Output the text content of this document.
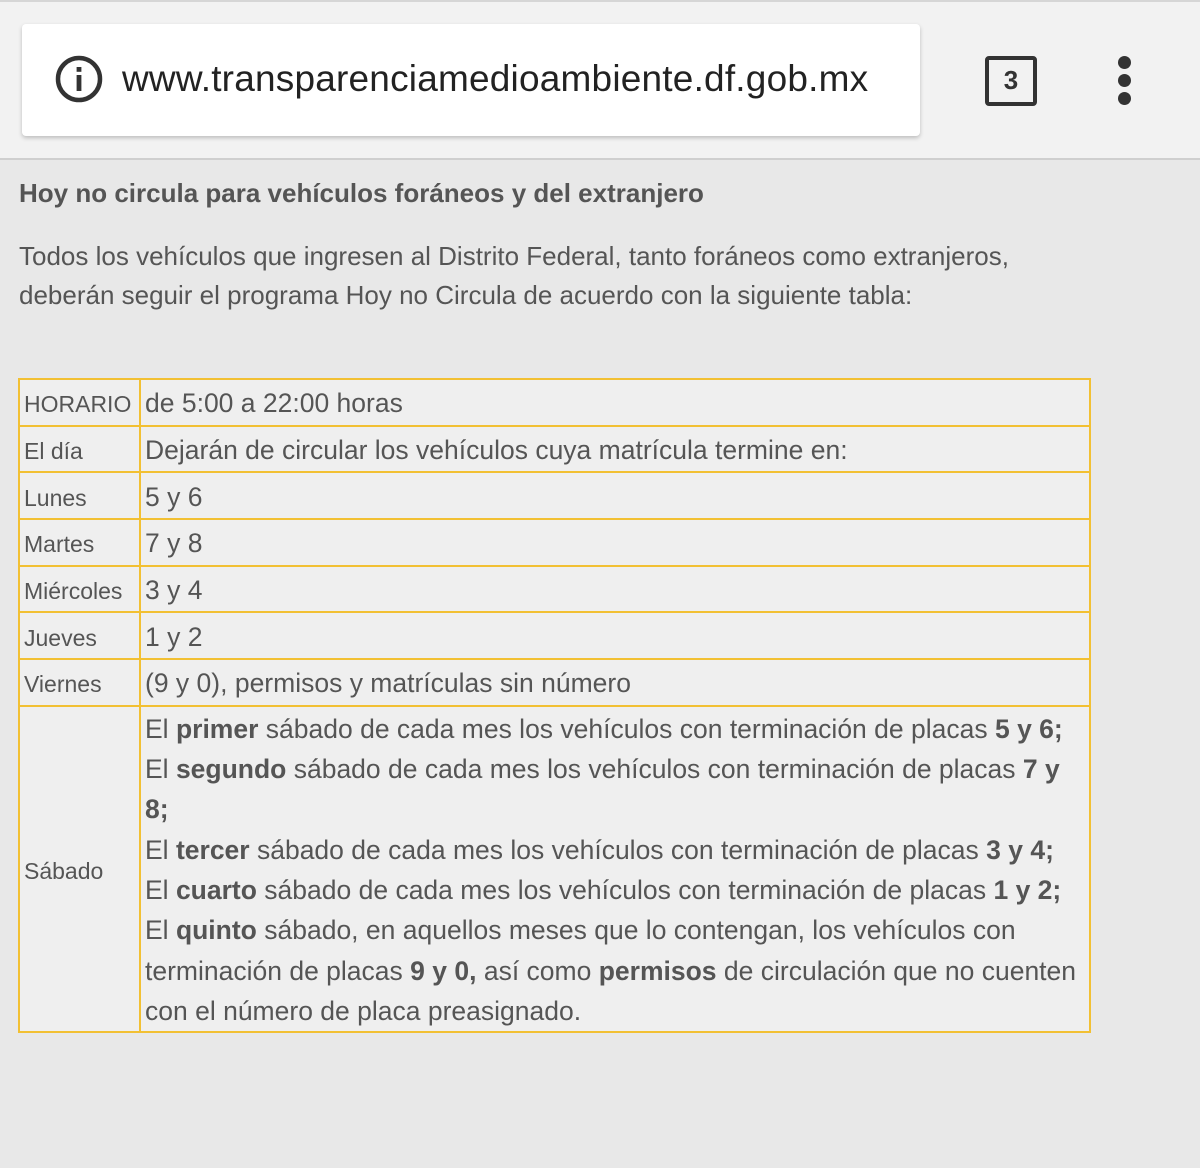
www.transparenciamedioambiente.df.gob.mx	3
Hoy no circula para vehículos foráneos y del extranjero
Todos los vehículos que ingresen al Distrito Federal, tanto foráneos como extranjeros, deberán seguir el programa Hoy no Circula de acuerdo con la siguiente tabla:
HORARIO	de 5:00 a 22:00 horas
El día	Dejarán de circular los vehículos cuya matrícula termine en:
Lunes	5 y 6
Martes	7 y 8
Miércoles	3 y 4
Jueves	1 y 2
Viernes	(9 y 0), permisos y matrículas sin número
Sábado	El primer sábado de cada mes los vehículos con terminación de placas 5 y 6;
El segundo sábado de cada mes los vehículos con terminación de placas 7 y 8;
El tercer sábado de cada mes los vehículos con terminación de placas 3 y 4;
El cuarto sábado de cada mes los vehículos con terminación de placas 1 y 2;
El quinto sábado, en aquellos meses que lo contengan, los vehículos con terminación de placas 9 y 0, así como permisos de circulación que no cuenten con el número de placa preasignado.
